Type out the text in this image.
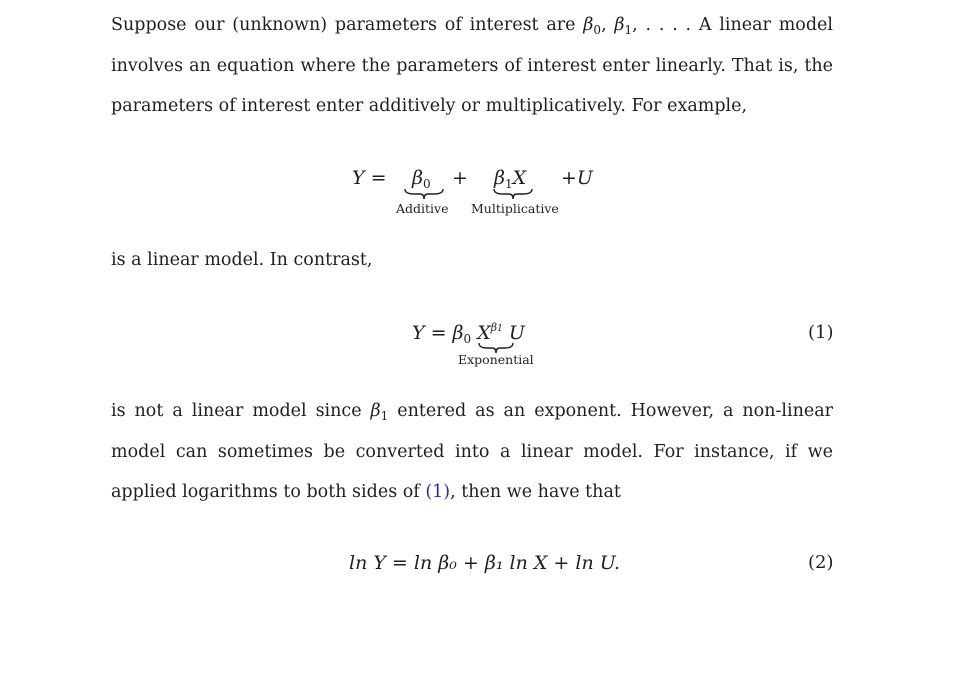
Suppose our (unknown) parameters of interest are $\beta_0$, $\beta_1$, . . . . A linear model involves an equation where the parameters of interest enter linearly. That is, the parameters of interest enter additively or multiplicatively. For example,
$Y = \beta_0 + \beta_1X +U$
Additive Multiplicative
is a linear model. In contrast,
$Y = \beta_0$ $X^{\beta 1}$ U
Exponential
(1)
is not a linear model since $\beta_1$ entered as an exponent. However, a non-linear model can sometimes be converted into a linear model. For instance, if we applied logarithms to both sides of (1), then we have that
ln Y = ln β₀ + β₁ ln X + ln U.	(2)
